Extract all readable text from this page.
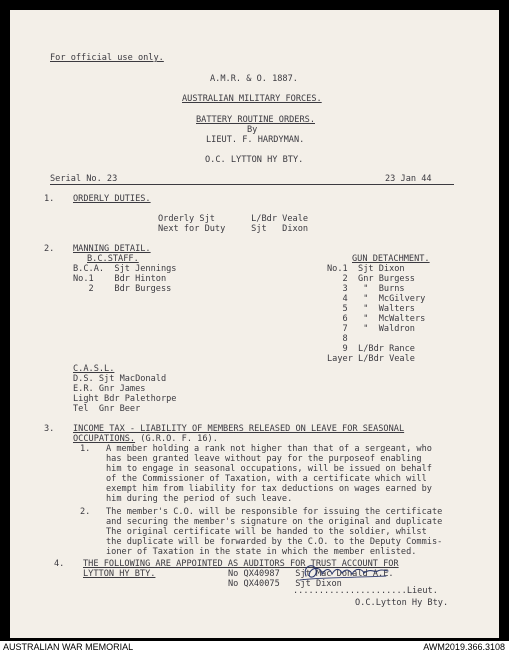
For official use only.
A.M.R. & O. 1887.
AUSTRALIAN MILITARY FORCES.
BATTERY ROUTINE ORDERS.
By
LIEUT. F. HARDYMAN.
O.C. LYTTON HY BTY.
Serial No. 23	23 Jan 44
1. ORDERLY DUTIES.
Orderly Sjt       L/Bdr Veale
Next for Duty     Sjt   Dixon
2. MANNING DETAIL.
B.C.STAFF.
B.C.A.  Sjt Jennings
No.1    Bdr Hinton
2    Bdr Burgess
GUN DETACHMENT.
No.1  Sjt Dixon
2  Gnr Burgess
3   "  Burns
4   "  McGilvery
5   "  Walters
6   "  McWalters
7   "  Waldron
8
9  L/Bdr Rance
Layer L/Bdr Veale
C.A.S.L.
D.S. Sjt MacDonald
E.R. Gnr James
Light Bdr Palethorpe
Tel  Gnr Beer
3. INCOME TAX - LIABILITY OF MEMBERS RELEASED ON LEAVE FOR SEASONAL
OCCUPATIONS. (G.R.O. F. 16).
1. A member holding a rank not higher than that of a sergeant, who
has been granted leave without pay for the purposeof enabling
him to engage in seasonal occupations, will be issued on behalf
of the Commissioner of Taxation, with a certificate which will
exempt him from liability for tax deductions on wages earned by
him during the period of such leave.
2. The member's C.O. will be responsible for issuing the certificate
and securing the member's signature on the original and duplicate
The original certificate will be handed to the soldier, whilst
the duplicate will be forwarded by the C.O. to the Deputy Commis-
ioner of Taxation in the state in which the member enlisted.
4. THE FOLLOWING ARE APPOINTED AS AUDITORS FOR TRUST ACCOUNT FOR
LYTTON HY BTY.	No QX40987   Sjt Mac Donald A.E.
No QX40075   Sjt Dixon
......................Lieut.
O.C.Lytton Hy Bty.
AUSTRALIAN WAR MEMORIAL	AWM2019.366.3108
